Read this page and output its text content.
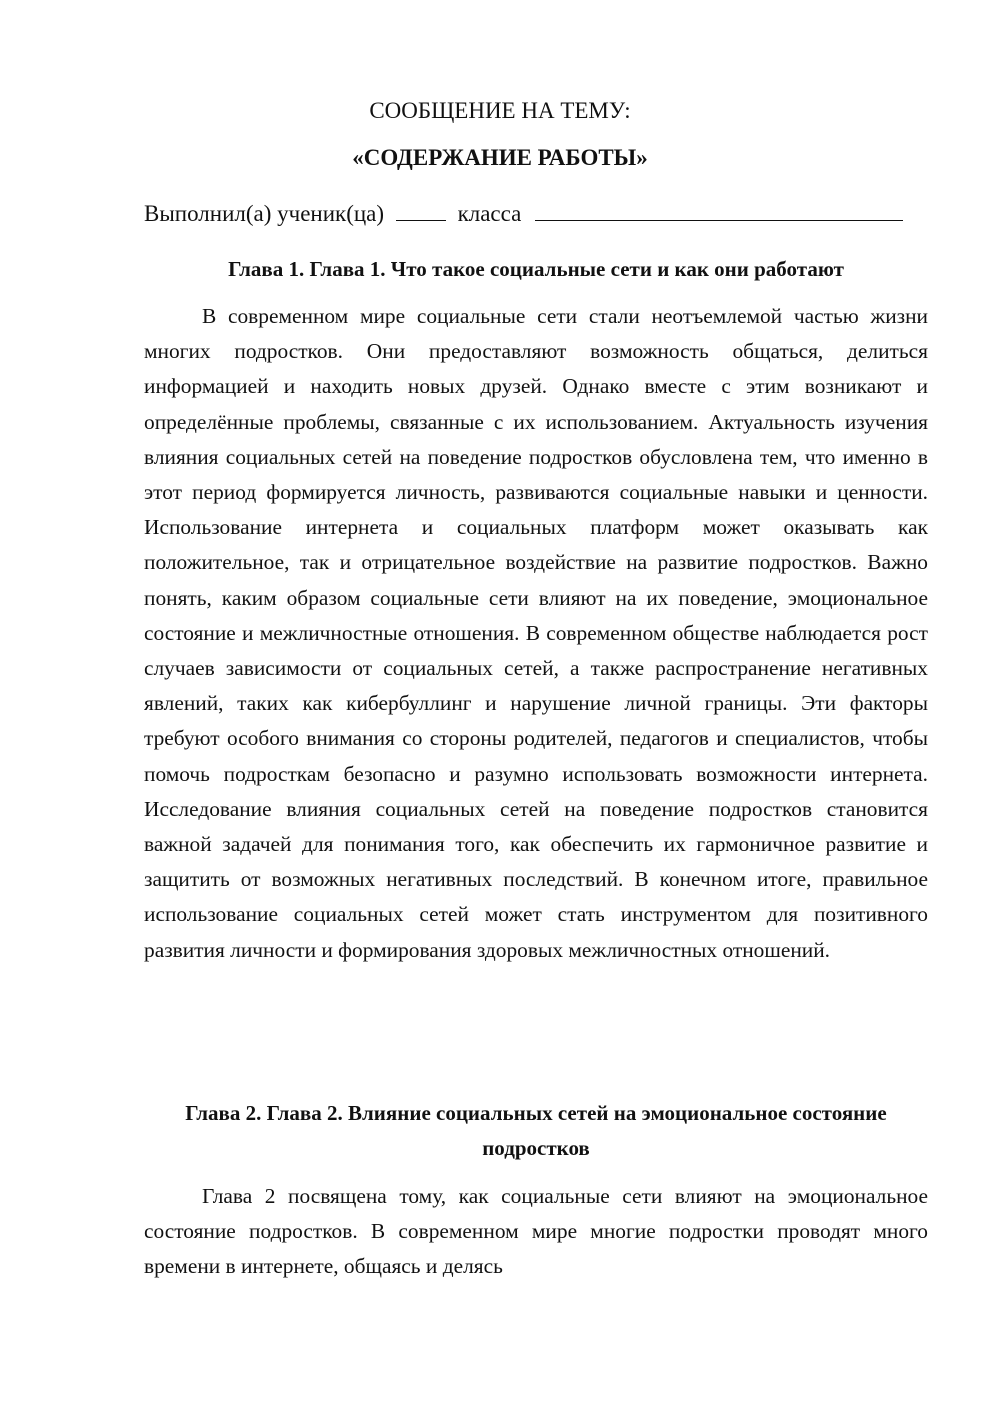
СООБЩЕНИЕ НА ТЕМУ:
«СОДЕРЖАНИЕ РАБОТЫ»
Выполнил(а) ученик(ца)	класса
Глава 1. Глава 1. Что такое социальные сети и как они работают
В современном мире социальные сети стали неотъемлемой частью жизни многих подростков. Они предоставляют возможность общаться, делиться информацией и находить новых друзей. Однако вместе с этим возникают и определённые проблемы, связанные с их использованием. Актуальность изучения влияния социальных сетей на поведение подростков обусловлена тем, что именно в этот период формируется личность, развиваются социальные навыки и ценности. Использование интернета и социальных платформ может оказывать как положительное, так и отрицательное воздействие на развитие подростков. Важно понять, каким образом социальные сети влияют на их поведение, эмоциональное состояние и межличностные отношения. В современном обществе наблюдается рост случаев зависимости от социальных сетей, а также распространение негативных явлений, таких как кибербуллинг и нарушение личной границы. Эти факторы требуют особого внимания со стороны родителей, педагогов и специалистов, чтобы помочь подросткам безопасно и разумно использовать возможности интернета. Исследование влияния социальных сетей на поведение подростков становится важной задачей для понимания того, как обеспечить их гармоничное развитие и защитить от возможных негативных последствий. В конечном итоге, правильное использование социальных сетей может стать инструментом для позитивного развития личности и формирования здоровых межличностных отношений.
Глава 2. Глава 2. Влияние социальных сетей на эмоциональное состояние подростков
Глава 2 посвящена тому, как социальные сети влияют на эмоциональное состояние подростков. В современном мире многие подростки проводят много времени в интернете, общаясь и делясь
